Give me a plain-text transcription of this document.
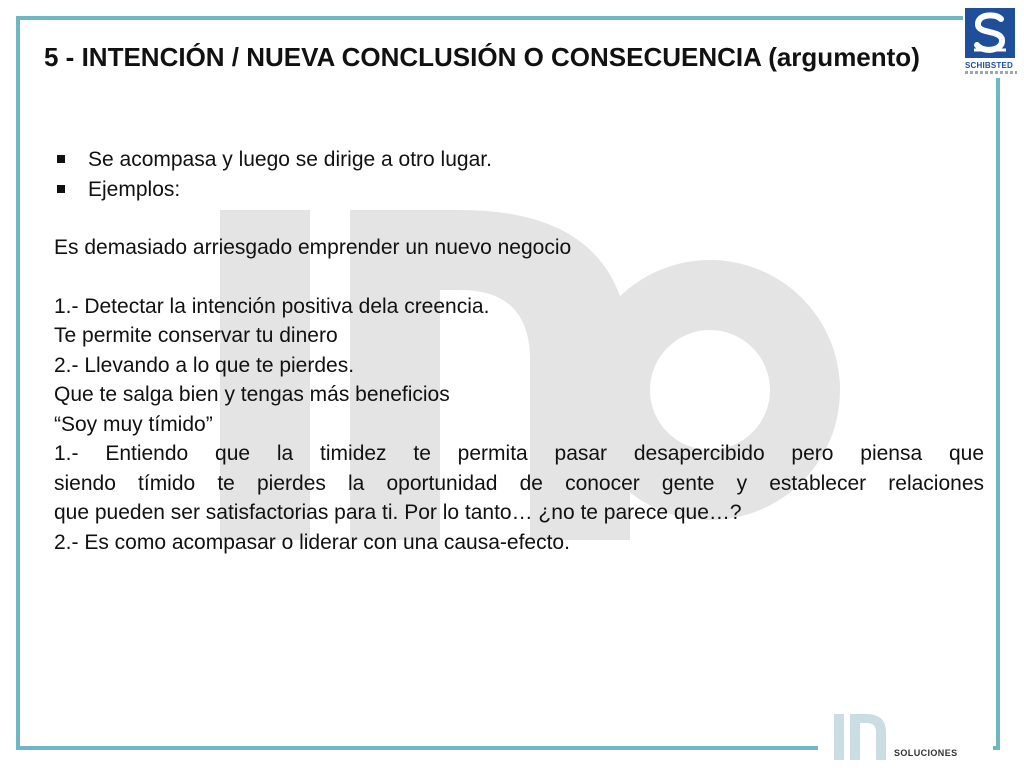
SCHIBSTED
5 - INTENCIÓN / NUEVA CONCLUSIÓN O CONSECUENCIA (argumento)
Se acompasa y luego se dirige a otro lugar.
Ejemplos:

Es demasiado arriesgado emprender un nuevo negocio

1.- Detectar la intención positiva dela creencia.

Te permite conservar tu dinero

2.- Llevando a lo que te pierdes.

Que te salga bien y tengas más beneficios

“Soy muy tímido”

1.- Entiendo que la timidez te permita pasar desapercibido pero piensa que

siendo tímido te pierdes la oportunidad de conocer gente y establecer relaciones

que pueden ser satisfactorias para ti. Por lo tanto… ¿no te parece que…?

2.- Es como acompasar o liderar con una causa-efecto.

SOLUCIONES
